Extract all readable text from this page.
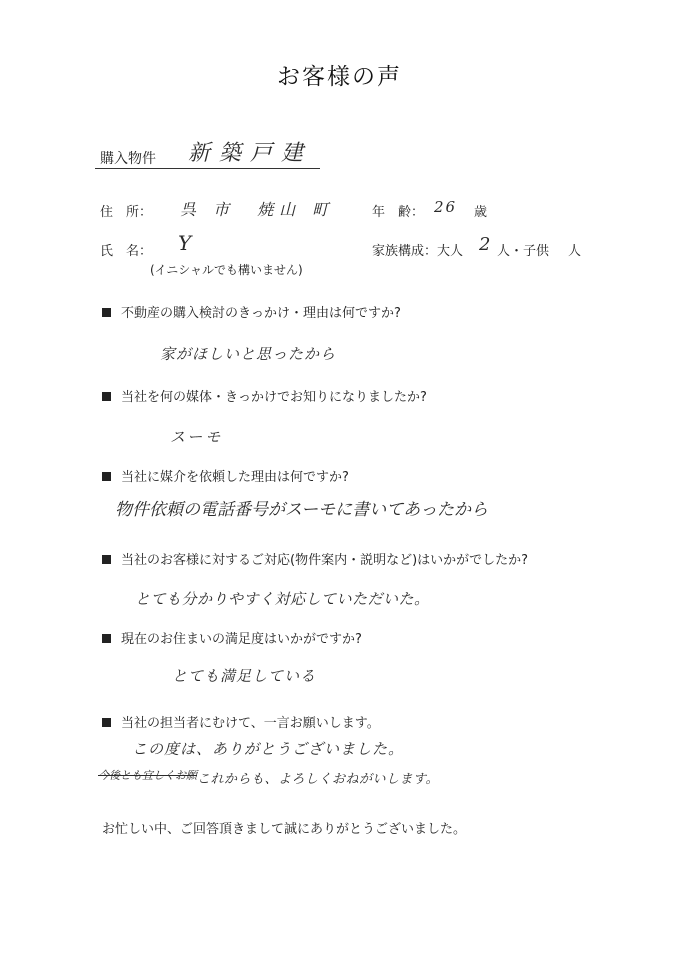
お客様の声
購入物件 新築戸建
住　所： 呉 市　焼山 町	年　齢： 26 歳
氏　名： Y
(イニシャルでも構いません)
家族構成：大人 2 人・子供 人
不動産の購入検討のきっかけ・理由は何ですか?
家がほしいと思ったから
当社を何の媒体・きっかけでお知りになりましたか?
スーモ
当社に媒介を依頼した理由は何ですか?
物件依頼の電話番号がスーモに書いてあったから
当社のお客様に対するご対応(物件案内・説明など)はいかがでしたか?
とても分かりやすく対応していただいた。
現在のお住まいの満足度はいかがですか?
とても満足している
当社の担当者にむけて、一言お願いします。
この度は、ありがとうございました。
今後とも宜しくお願 これからも、よろしくおねがいします。
お忙しい中、ご回答頂きまして誠にありがとうございました。
